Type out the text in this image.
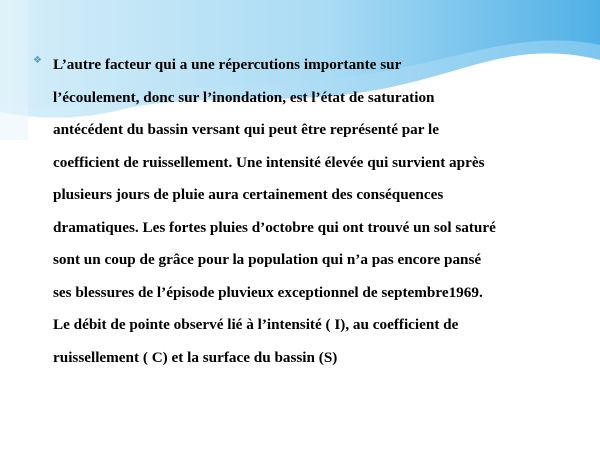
❖ L’autre facteur qui a une répercutions importante sur
l’écoulement, donc sur l’inondation, est l’état de saturation
antécédent du bassin versant qui peut être représenté par le
coefficient de ruissellement. Une intensité élevée qui survient après
plusieurs jours de pluie aura certainement des conséquences
dramatiques. Les fortes pluies d’octobre qui ont trouvé un sol saturé
sont un coup de grâce pour la population qui n’a pas encore pansé
ses blessures de l’épisode pluvieux exceptionnel de septembre1969.
Le débit de pointe observé lié à l’intensité ( I), au coefficient de
ruissellement ( C) et la surface du bassin (S)
